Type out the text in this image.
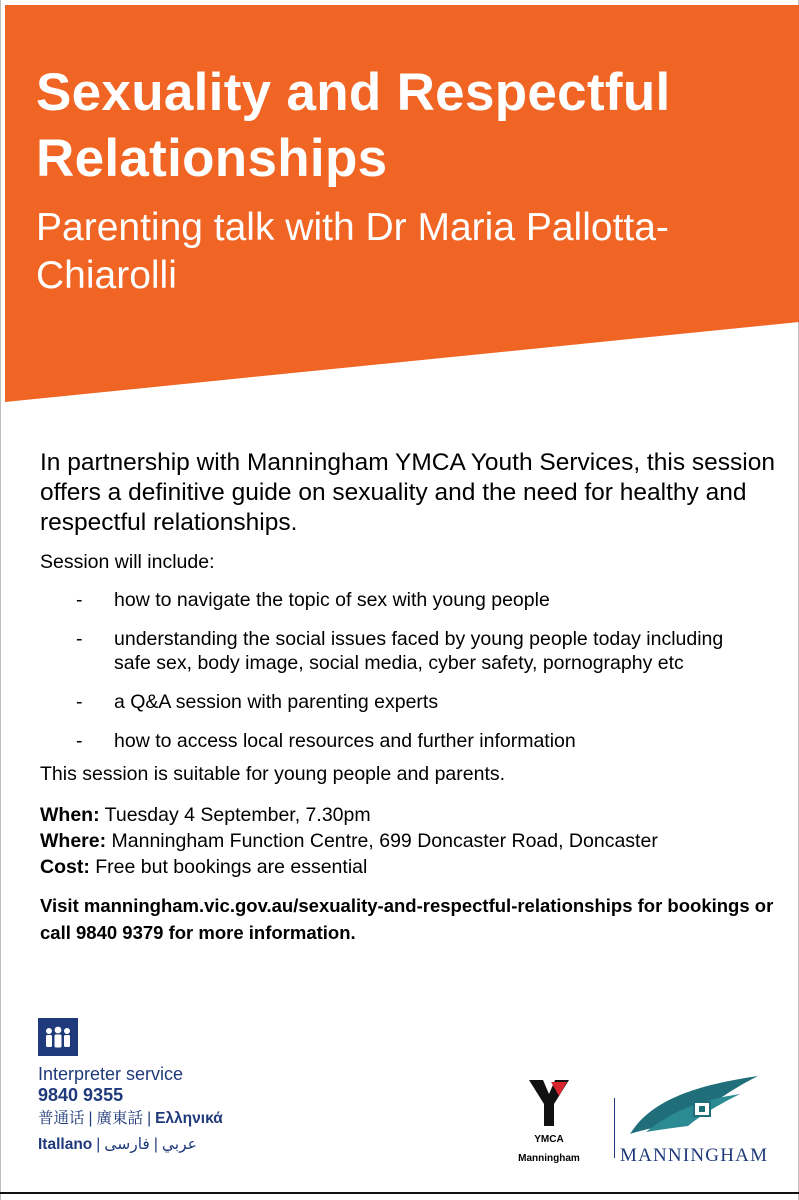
Sexuality and Respectful Relationships
Parenting talk with Dr Maria Pallotta-Chiarolli

In partnership with Manningham YMCA Youth Services, this session offers a definitive guide on sexuality and the need for healthy and respectful relationships.

Session will include:

- how to navigate the topic of sex with young people
- understanding the social issues faced by young people today including safe sex, body image, social media, cyber safety, pornography etc
- a Q&A session with parenting experts
- how to access local resources and further information

This session is suitable for young people and parents.

When: Tuesday 4 September, 7.30pm

Where: Manningham Function Centre, 699 Doncaster Road, Doncaster

Cost: Free but bookings are essential

Visit manningham.vic.gov.au/sexuality-and-respectful-relationships for bookings or call 9840 9379 for more information.

Interpreter service
9840 9355
普通话 | 廣東話 | Ελληνικά
Itallano |	عربي|فارسی	YMCA
Manningham	MANNINGHAM
